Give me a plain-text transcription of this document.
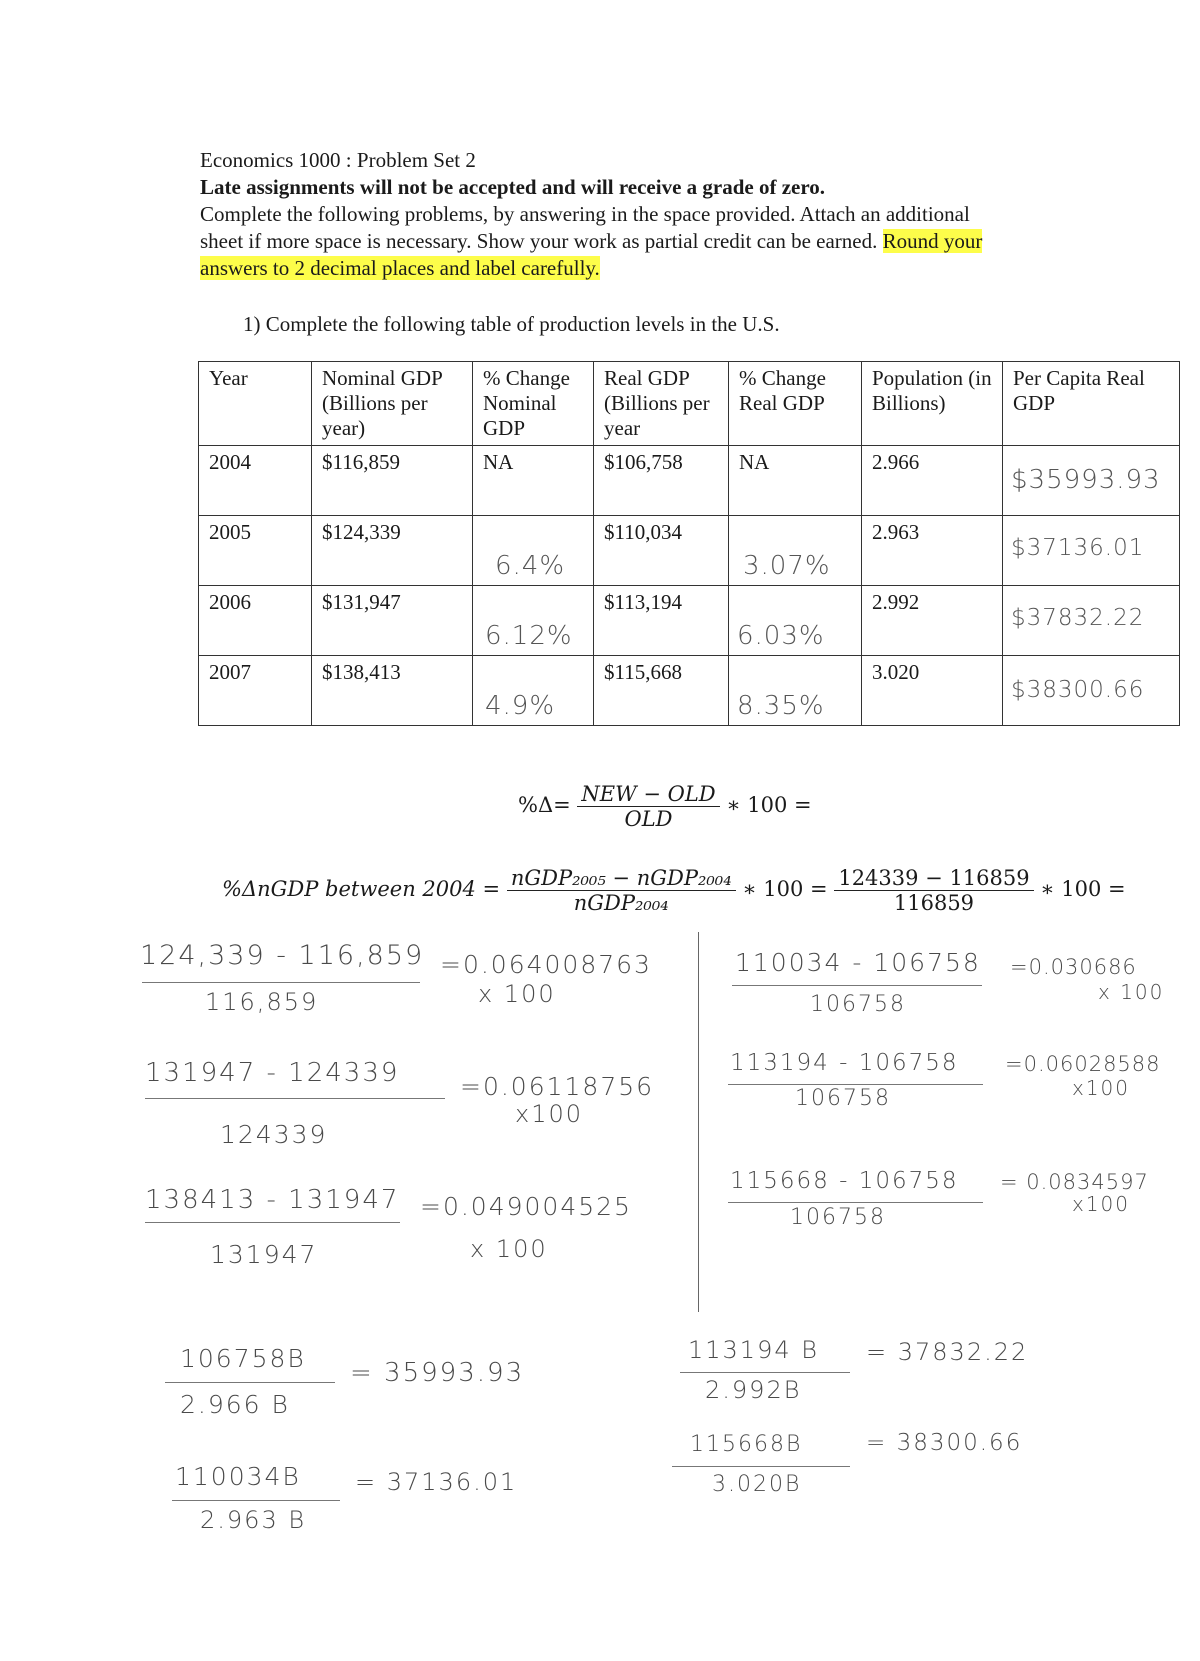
Economics 1000 : Problem Set 2
Late assignments will not be accepted and will receive a grade of zero.
Complete the following problems, by answering in the space provided. Attach an additional
sheet if more space is necessary. Show your work as partial credit can be earned. Round your
answers to 2 decimal places and label carefully.
1) Complete the following table of production levels in the U.S.
Year	Nominal GDP (Billions per year)	% Change Nominal GDP	Real GDP (Billions per year	% Change Real GDP	Population (in Billions)	Per Capita Real GDP
2004	$116,859	NA	$106,758	NA	2.966	$35993.93

2005	$124,339	6.4%	$110,034	3.07%	2.963	$37136.01

2006	$131,947	6.12%	$113,194	6.03%	2.992	$37832.22

2007	$138,413	4.9%	$115,668	8.35%	3.020	$38300.66
$\%\Delta= \frac{\text{NEW − OLD}}{\text{OLD}}$ ∗ 100 =
%ΔnGDP between $2004 = \frac{\text{nGDP₂₀₀₅ − nGDP₂₀₀₄}}{\text{nGDP₂₀₀₄}}$ ∗ $100 = \frac{124339 - 116859}{116859}$ ∗ 100 =
124,339 - 116,859
116,859
=0.064008763
x 100
131947 - 124339
124339
=0.06118756
x100
138413 - 131947
131947
=0.049004525
x 100
110034 - 106758
106758
=0.030686
x 100
113194 - 106758
106758
=0.06028588
x100
115668 - 106758
106758
= 0.0834597
x100
106758B
2.966 B
= 35993.93
110034B
2.963 B
= 37136.01
113194 B
2.992B
= 37832.22
115668B
3.020B
= 38300.66
